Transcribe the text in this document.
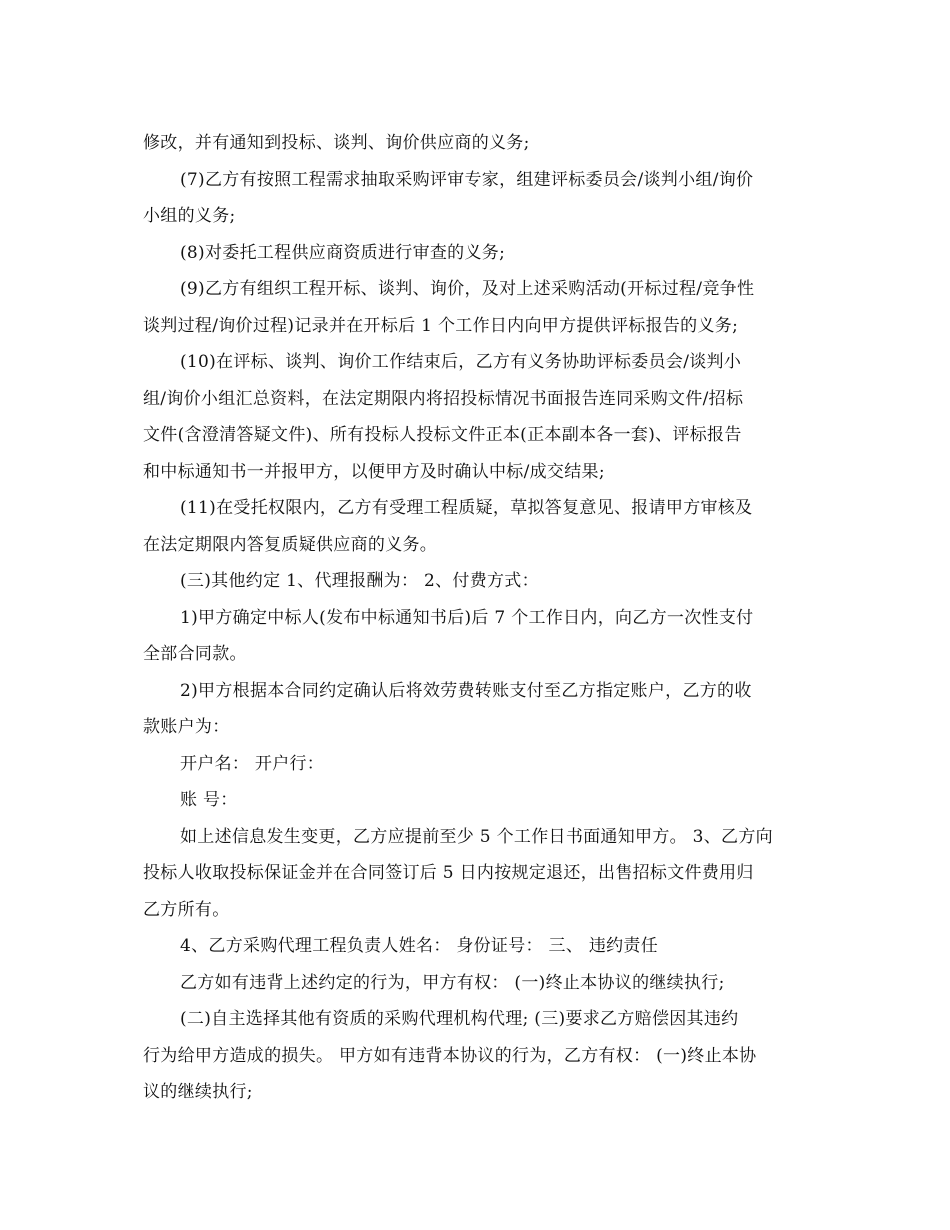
修改，并有通知到投标、谈判、询价供应商的义务;
(7)乙方有按照工程需求抽取采购评审专家，组建评标委员会/谈判小组/询价
小组的义务;
(8)对委托工程供应商资质进行审查的义务;
(9)乙方有组织工程开标、谈判、询价，及对上述采购活动(开标过程/竞争性
谈判过程/询价过程)记录并在开标后 1 个工作日内向甲方提供评标报告的义务;
(10)在评标、谈判、询价工作结束后，乙方有义务协助评标委员会/谈判小
组/询价小组汇总资料，在法定期限内将招投标情况书面报告连同采购文件/招标
文件(含澄清答疑文件)、所有投标人投标文件正本(正本副本各一套)、评标报告
和中标通知书一并报甲方，以便甲方及时确认中标/成交结果;
(11)在受托权限内，乙方有受理工程质疑，草拟答复意见、报请甲方审核及
在法定期限内答复质疑供应商的义务。
(三)其他约定 1、代理报酬为： 2、付费方式：
1)甲方确定中标人(发布中标通知书后)后 7 个工作日内，向乙方一次性支付
全部合同款。
2)甲方根据本合同约定确认后将效劳费转账支付至乙方指定账户，乙方的收
款账户为：
开户名： 开户行：
账 号：
如上述信息发生变更，乙方应提前至少 5 个工作日书面通知甲方。 3、乙方向
投标人收取投标保证金并在合同签订后 5 日内按规定退还，出售招标文件费用归
乙方所有。
4、乙方采购代理工程负责人姓名： 身份证号： 三、 违约责任
乙方如有违背上述约定的行为，甲方有权： (一)终止本协议的继续执行;
(二)自主选择其他有资质的采购代理机构代理; (三)要求乙方赔偿因其违约
行为给甲方造成的损失。 甲方如有违背本协议的行为，乙方有权： (一)终止本协
议的继续执行;
